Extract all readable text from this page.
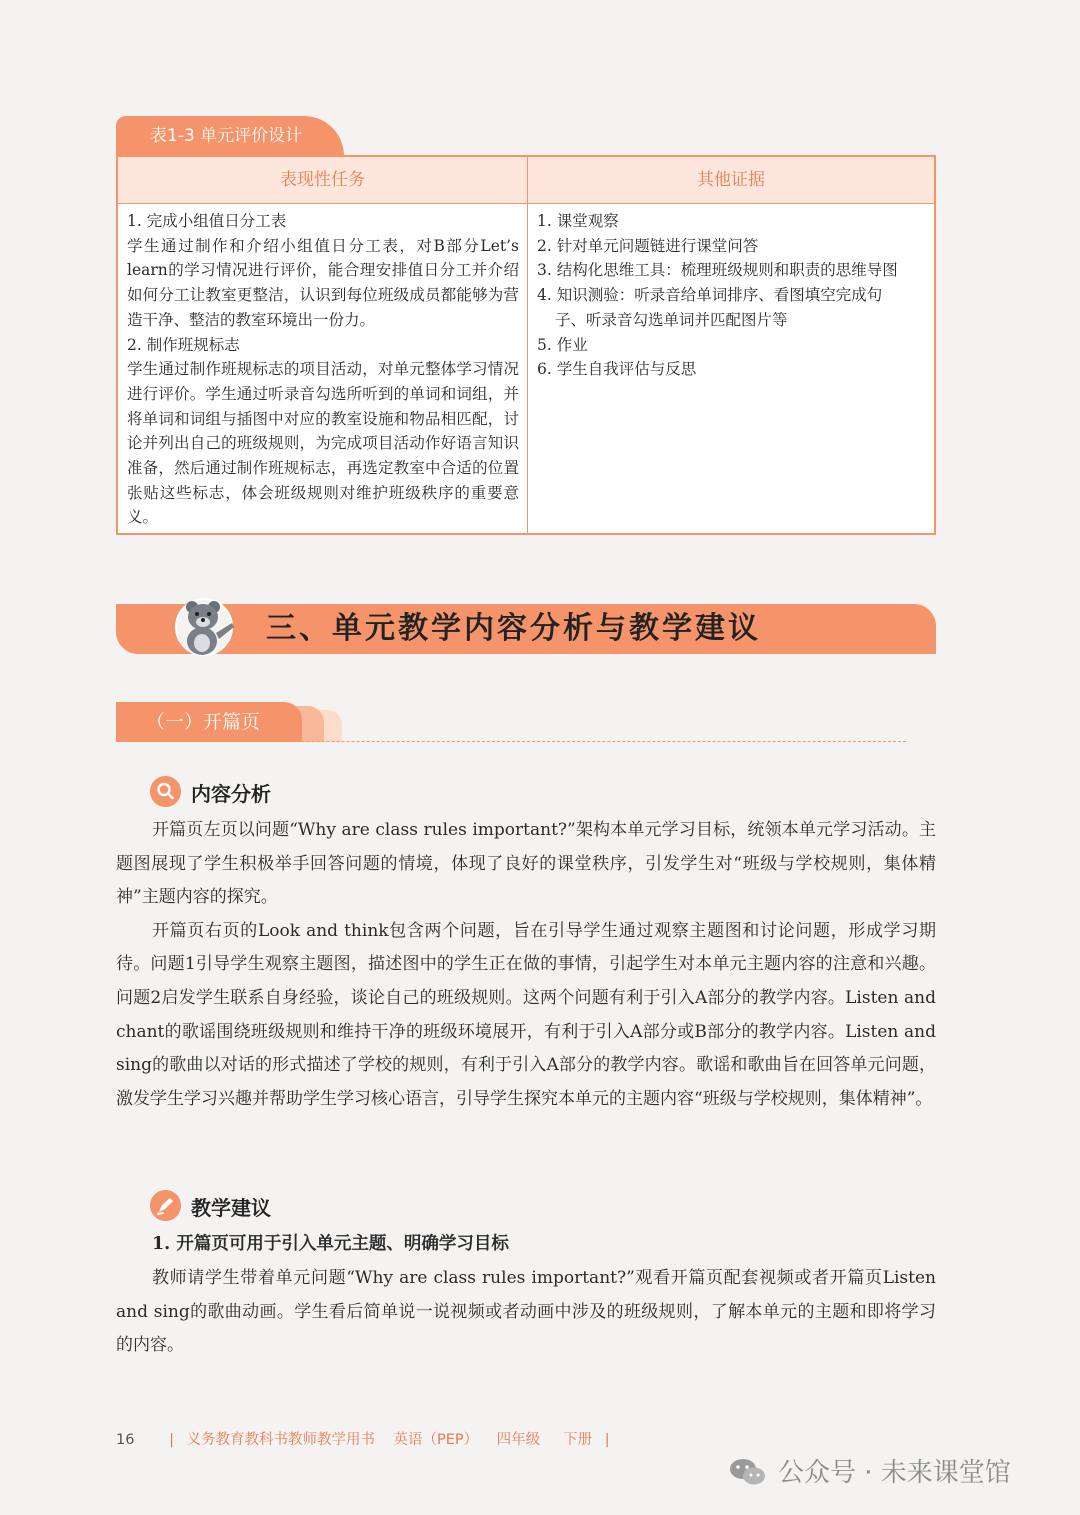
表1-3 单元评价设计
表现性任务	其他证据
1. 完成小组值日分工表
学生通过制作和介绍小组值日分工表，对B部分Let’s learn的学习情况进行评价，能合理安排值日分工并介绍如何分工让教室更整洁，认识到每位班级成员都能够为营造干净、整洁的教室环境出一份力。
2. 制作班规标志
学生通过制作班规标志的项目活动，对单元整体学习情况进行评价。学生通过听录音勾选所听到的单词和词组，并将单词和词组与插图中对应的教室设施和物品相匹配，讨论并列出自己的班级规则，为完成项目活动作好语言知识准备，然后通过制作班规标志，再选定教室中合适的位置张贴这些标志，体会班级规则对维护班级秩序的重要意义。
1. 课堂观察
2. 针对单元问题链进行课堂问答
3. 结构化思维工具：梳理班级规则和职责的思维导图
4. 知识测验：听录音给单词排序、看图填空完成句
子、听录音勾选单词并匹配图片等
5. 作业
6. 学生自我评估与反思
三、单元教学内容分析与教学建议
（一）开篇页
内容分析

开篇页左页以问题“Why are class rules important?”架构本单元学习目标，统领本单元学习活动。主题图展现了学生积极举手回答问题的情境，体现了良好的课堂秩序，引发学生对“班级与学校规则，集体精神”主题内容的探究。

开篇页右页的Look and think包含两个问题，旨在引导学生通过观察主题图和讨论问题，形成学习期待。问题1引导学生观察主题图，描述图中的学生正在做的事情，引起学生对本单元主题内容的注意和兴趣。问题2启发学生联系自身经验，谈论自己的班级规则。这两个问题有利于引入A部分的教学内容。Listen and chant的歌谣围绕班级规则和维持干净的班级环境展开，有利于引入A部分或B部分的教学内容。Listen and sing的歌曲以对话的形式描述了学校的规则，有利于引入A部分的教学内容。歌谣和歌曲旨在回答单元问题，激发学生学习兴趣并帮助学生学习核心语言，引导学生探究本单元的主题内容“班级与学校规则，集体精神”。

教学建议
1. 开篇页可用于引入单元主题、明确学习目标

教师请学生带着单元问题“Why are class rules important?”观看开篇页配套视频或者开篇页Listen and sing的歌曲动画。学生看后简单说一说视频或者动画中涉及的班级规则，了解本单元的主题和即将学习的内容。

16 | 义务教育教科书教师教学用书 英语（PEP） 四年级 下册 |
公众号 · 未来课堂馆
